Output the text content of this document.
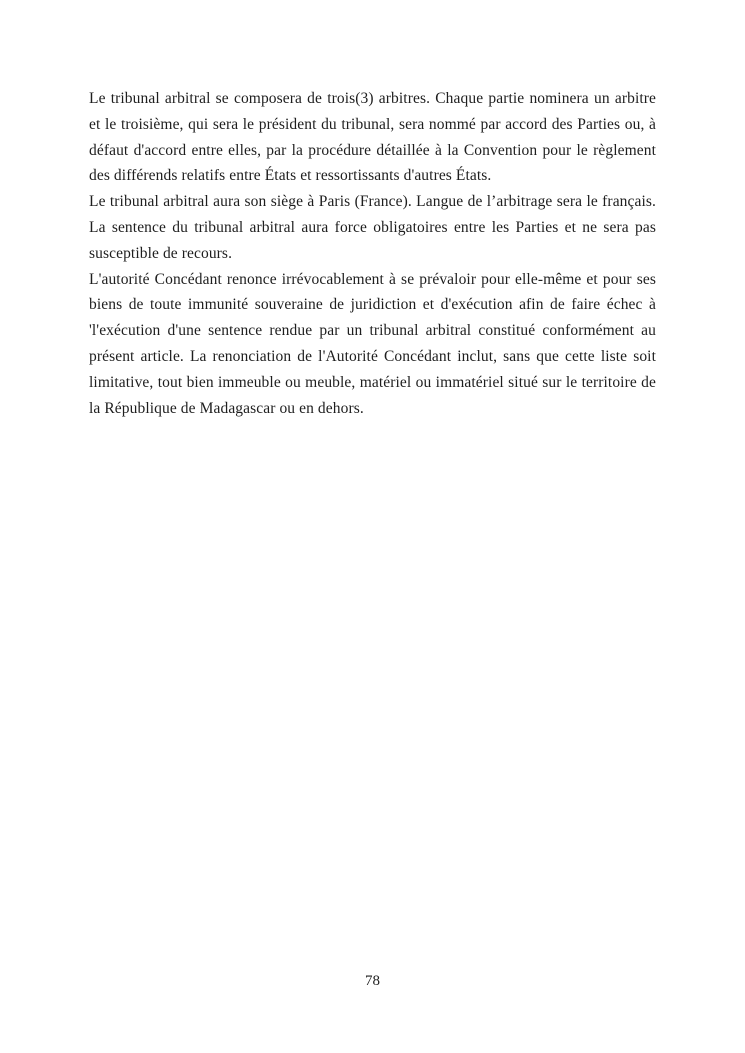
Le tribunal arbitral se composera de trois(3) arbitres. Chaque partie nominera un arbitre et le troisième, qui sera le président du tribunal, sera nommé par accord des Parties ou, à défaut d'accord entre elles, par la procédure détaillée à la Convention pour le règlement des différends relatifs entre États et ressortissants d'autres États.

Le tribunal arbitral aura son siège à Paris (France). Langue de l’arbitrage sera le français. La sentence du tribunal arbitral aura force obligatoires entre les Parties et ne sera pas susceptible de recours.

L'autorité Concédant renonce irrévocablement à se prévaloir pour elle-même et pour ses biens de toute immunité souveraine de juridiction et d'exécution afin de faire échec à 'l'exécution d'une sentence rendue par un tribunal arbitral constitué conformément au présent article. La renonciation de l'Autorité Concédant inclut, sans que cette liste soit limitative, tout bien immeuble ou meuble, matériel ou immatériel situé sur le territoire de la République de Madagascar ou en dehors.

78
